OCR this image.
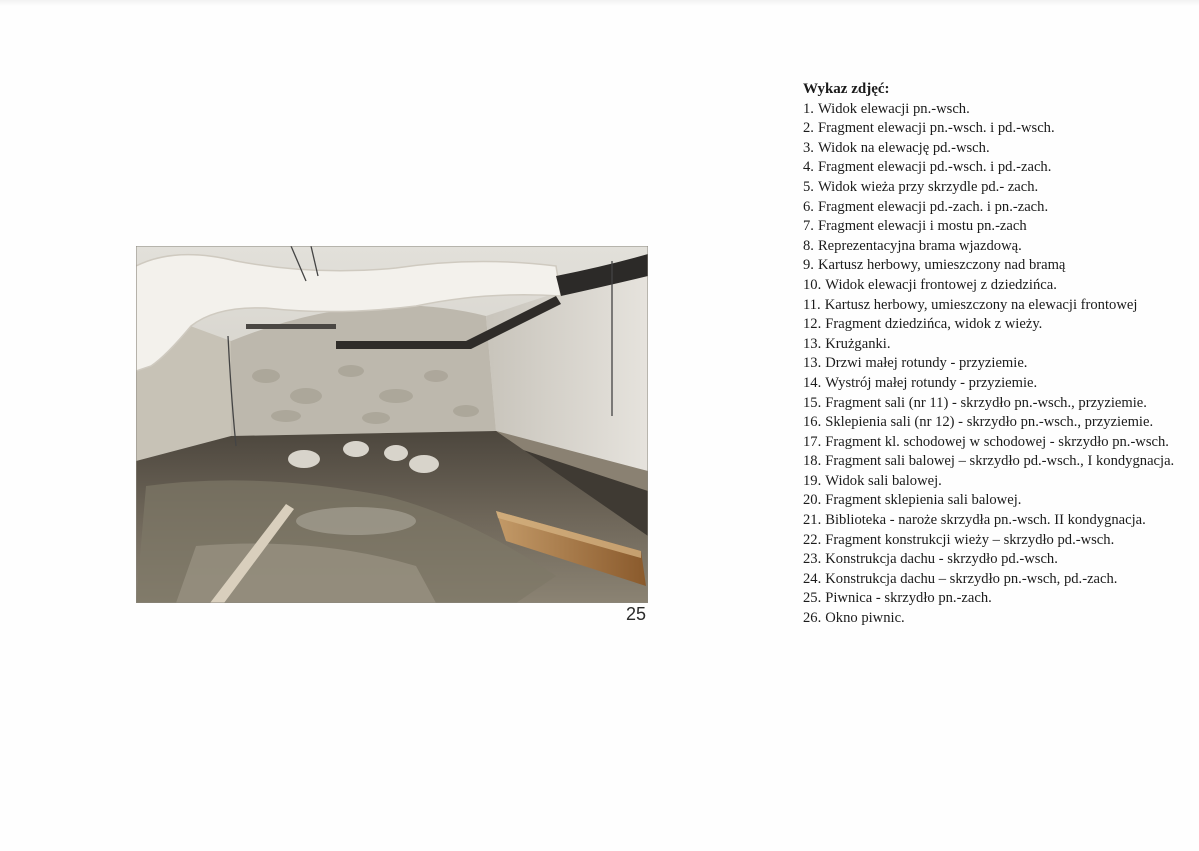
25

Wykaz zdjęć:

1. Widok elewacji pn.-wsch.
2. Fragment elewacji pn.-wsch. i pd.-wsch.
3. Widok na elewację pd.-wsch.
4. Fragment elewacji pd.-wsch. i pd.-zach.
5. Widok wieża przy skrzydle pd.- zach.
6. Fragment elewacji pd.-zach. i pn.-zach.
7. Fragment elewacji i mostu pn.-zach
8. Reprezentacyjna brama wjazdową.
9. Kartusz herbowy, umieszczony nad bramą
10. Widok elewacji frontowej z dziedzińca.
11. Kartusz herbowy, umieszczony na elewacji frontowej
12. Fragment dziedzińca, widok z wieży.
13. Krużganki.
13. Drzwi małej rotundy - przyziemie.
14. Wystrój małej rotundy - przyziemie.
15. Fragment sali (nr 11) - skrzydło pn.-wsch., przyziemie.
16. Sklepienia sali (nr 12) - skrzydło pn.-wsch., przyziemie.
17. Fragment kl. schodowej w schodowej - skrzydło pn.-wsch.
18. Fragment sali balowej – skrzydło pd.-wsch., I kondygnacja.
19. Widok sali balowej.
20. Fragment sklepienia sali balowej.
21. Biblioteka - naroże skrzydła pn.-wsch. II kondygnacja.
22. Fragment konstrukcji wieży – skrzydło pd.-wsch.
23. Konstrukcja dachu - skrzydło pd.-wsch.
24. Konstrukcja dachu – skrzydło pn.-wsch, pd.-zach.
25. Piwnica - skrzydło pn.-zach.
26. Okno piwnic.
